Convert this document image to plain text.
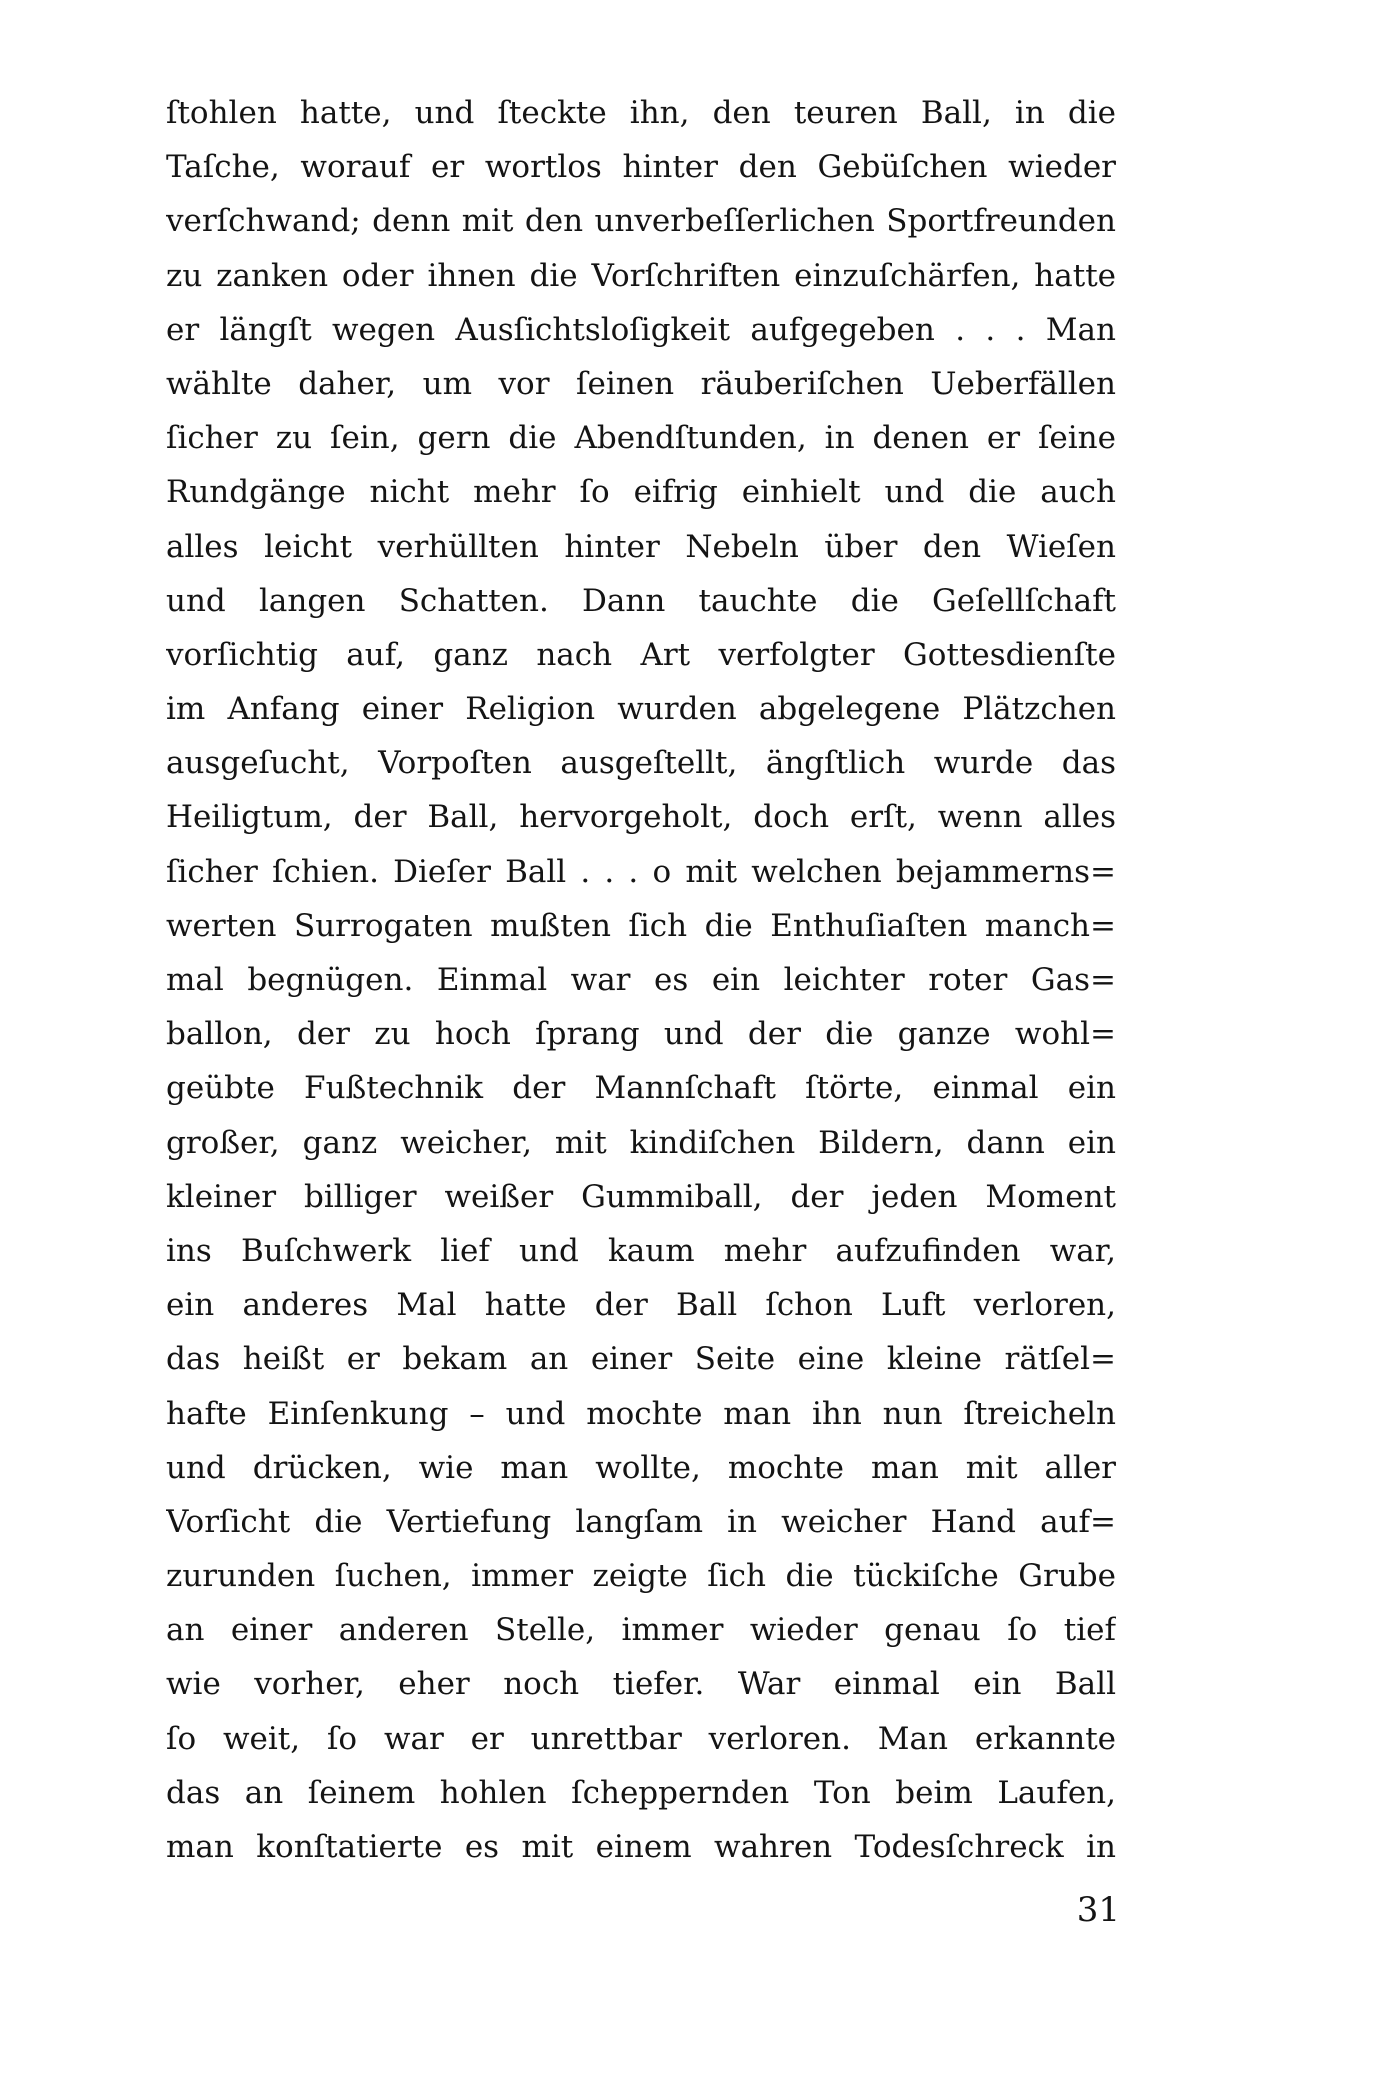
ſtohlen hatte, und ſteckte ihn, den teuren Ball, in die
Taſche, worauf er wortlos hinter den Gebüſchen wieder
verſchwand; denn mit den unverbeſſerlichen Sportfreunden
zu zanken oder ihnen die Vorſchriften einzuſchärfen, hatte
er längſt wegen Ausſichtsloſigkeit aufgegeben . . . Man
wählte daher, um vor ſeinen räuberiſchen Ueberfällen
ſicher zu ſein, gern die Abendſtunden, in denen er ſeine
Rundgänge nicht mehr ſo eifrig einhielt und die auch
alles leicht verhüllten hinter Nebeln über den Wieſen
und langen Schatten. Dann tauchte die Geſellſchaft
vorſichtig auf, ganz nach Art verfolgter Gottesdienſte
im Anfang einer Religion wurden abgelegene Plätzchen
ausgeſucht, Vorpoſten ausgeſtellt, ängſtlich wurde das
Heiligtum, der Ball, hervorgeholt, doch erſt, wenn alles
ſicher ſchien. Dieſer Ball . . . o mit welchen bejammerns=
werten Surrogaten mußten ſich die Enthuſiaſten manch=
mal begnügen. Einmal war es ein leichter roter Gas=
ballon, der zu hoch ſprang und der die ganze wohl=
geübte Fußtechnik der Mannſchaft ſtörte, einmal ein
großer, ganz weicher, mit kindiſchen Bildern, dann ein
kleiner billiger weißer Gummiball, der jeden Moment
ins Buſchwerk lief und kaum mehr aufzufinden war,
ein anderes Mal hatte der Ball ſchon Luft verloren,
das heißt er bekam an einer Seite eine kleine rätſel=
hafte Einſenkung – und mochte man ihn nun ſtreicheln
und drücken, wie man wollte, mochte man mit aller
Vorſicht die Vertiefung langſam in weicher Hand auf=
zurunden ſuchen, immer zeigte ſich die tückiſche Grube
an einer anderen Stelle, immer wieder genau ſo tief
wie vorher, eher noch tiefer. War einmal ein Ball
ſo weit, ſo war er unrettbar verloren. Man erkannte
das an ſeinem hohlen ſcheppernden Ton beim Laufen,
man konſtatierte es mit einem wahren Todesſchreck in
31
